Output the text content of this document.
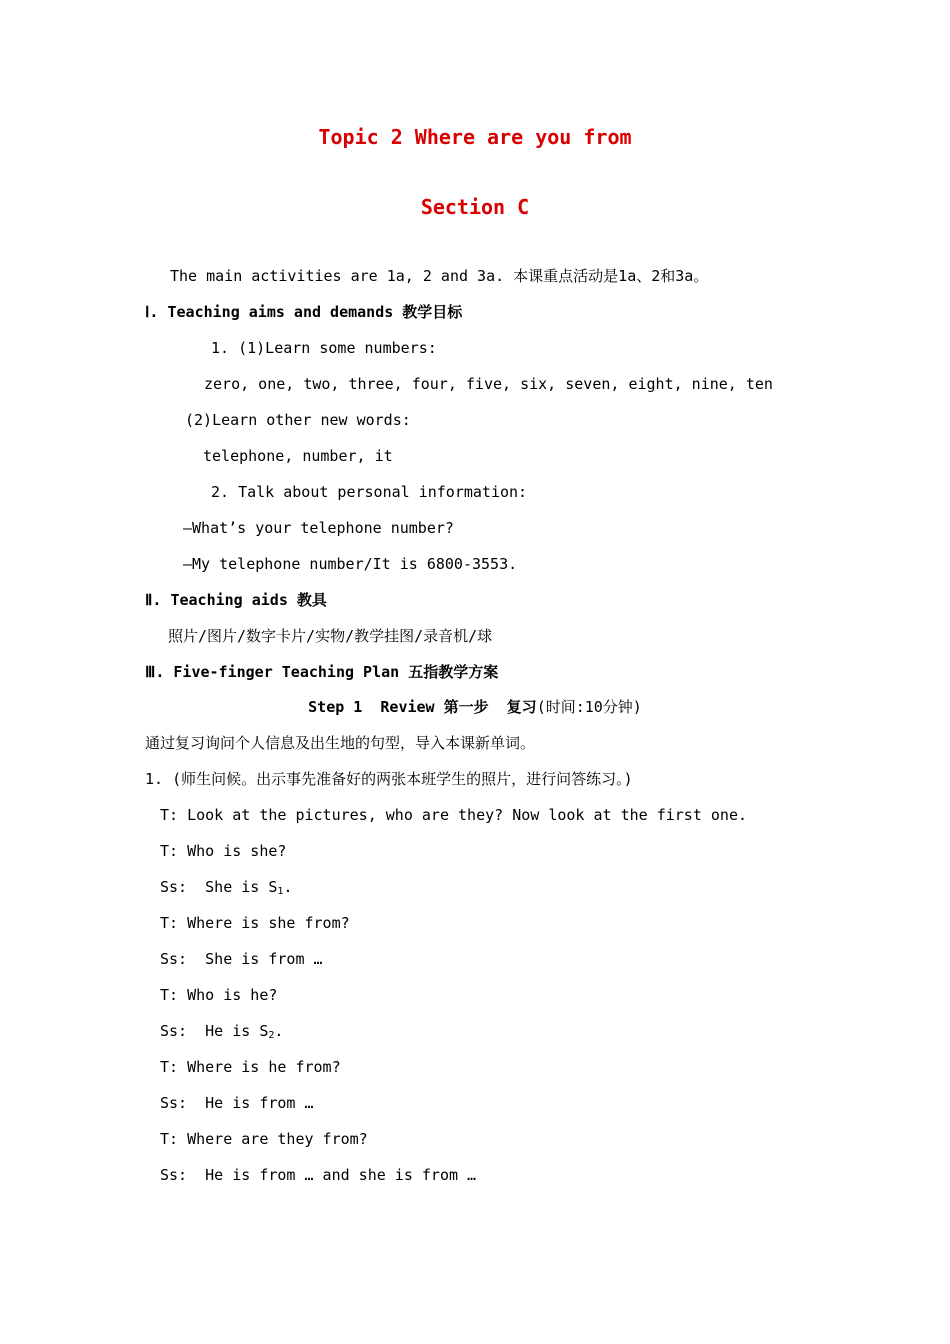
Topic 2 Where are you from
Section C
The main activities are 1a, 2 and 3a. 本课重点活动是1a、2和3a。
Ⅰ. Teaching aims and demands 教学目标
1. (1)Learn some numbers:
zero, one, two, three, four, five, six, seven, eight, nine, ten
(2)Learn other new words:
telephone, number, it
2. Talk about personal information:
—What’s your telephone number?
—My telephone number/It is 6800-3553.
Ⅱ. Teaching aids 教具
照片/图片/数字卡片/实物/教学挂图/录音机/球
Ⅲ. Five-finger Teaching Plan 五指教学方案
Step 1  Review 第一步  复习(时间:10分钟)
通过复习询问个人信息及出生地的句型，导入本课新单词。
1. (师生问候。出示事先准备好的两张本班学生的照片，进行问答练习。)
T: Look at the pictures, who are they? Now look at the first one.
T: Who is she?
Ss:  She is $S_1$.
T: Where is she from?
Ss:  She is from …
T: Who is he?
Ss:  He is $S_2$.
T: Where is he from?
Ss:  He is from …
T: Where are they from?
Ss:  He is from … and she is from …
